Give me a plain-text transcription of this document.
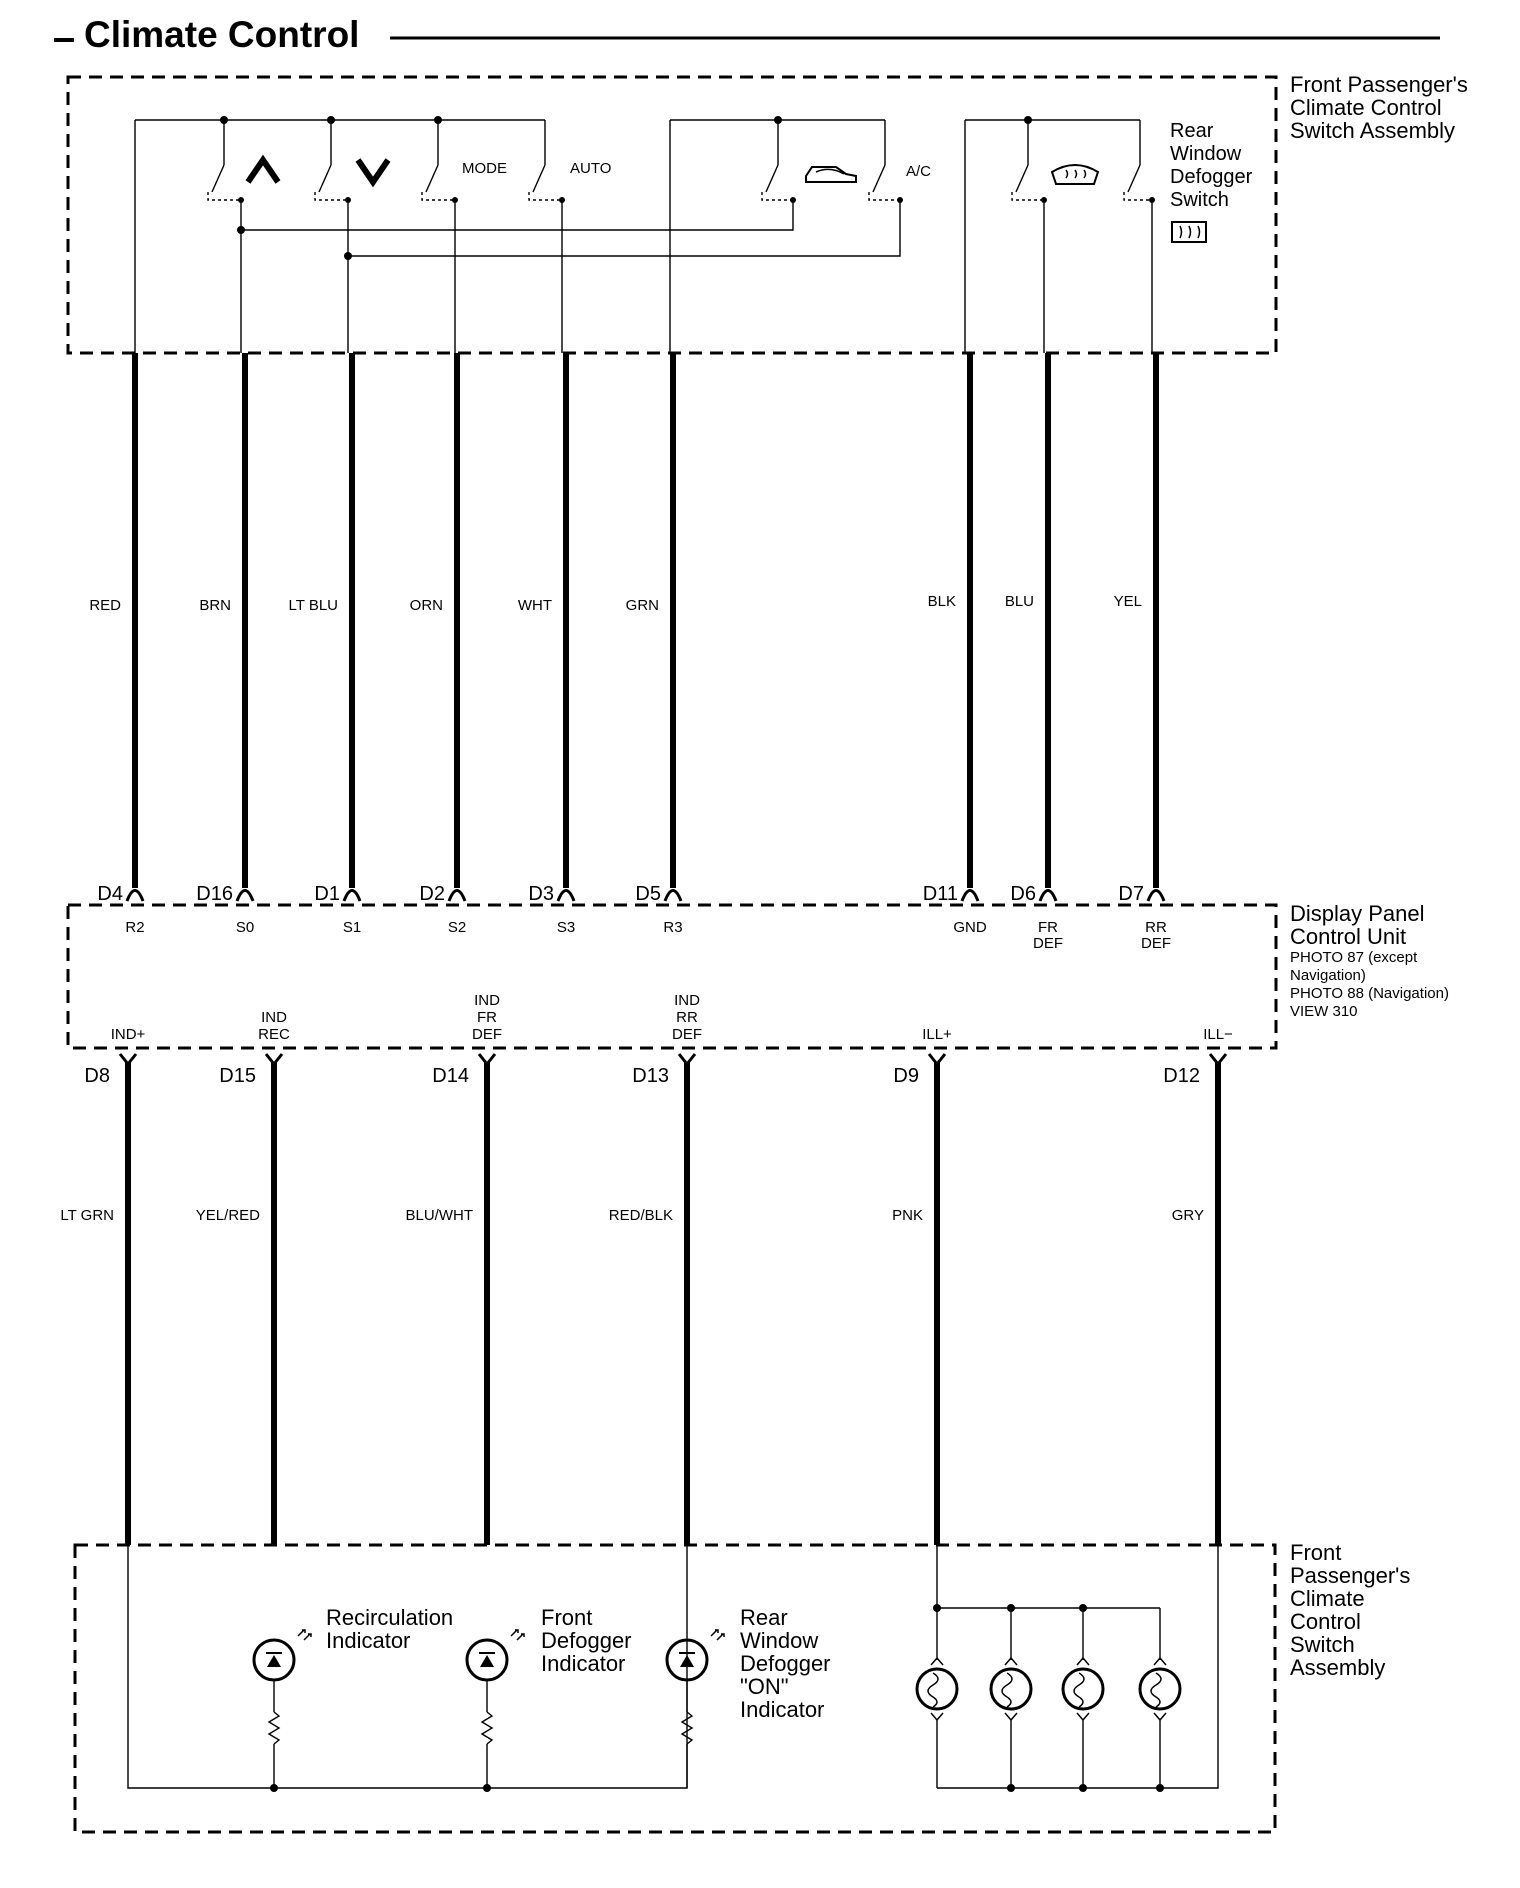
Climate Control
Front Passenger's
Climate Control
Switch Assembly
MODE	AUTO	A/C
Rear
Window
Defogger
Switch
RED
D4
R2
BRN
D16
S0
LT BLU
D1
S1
ORN
D2
S2
WHT
D3
S3
GRN
D5
R3
BLK
D11
GND
BLU
D6
FR
DEF
YEL
D7
RR
DEF
Display Panel
Control Unit
PHOTO 87 (except
Navigation)
PHOTO 88 (Navigation)
VIEW 310
LT GRN
D8
IND+
YEL/RED
D15
IND
REC
BLU/WHT
D14
IND
FR
DEF
RED/BLK
D13
IND
RR
DEF
PNK
D9
ILL+
GRY
D12
ILL−
Front
Passenger's
Climate
Control
Switch
Assembly
Recirculation
Indicator
Front
Defogger
Indicator
Rear
Window
Defogger
"ON"
Indicator
